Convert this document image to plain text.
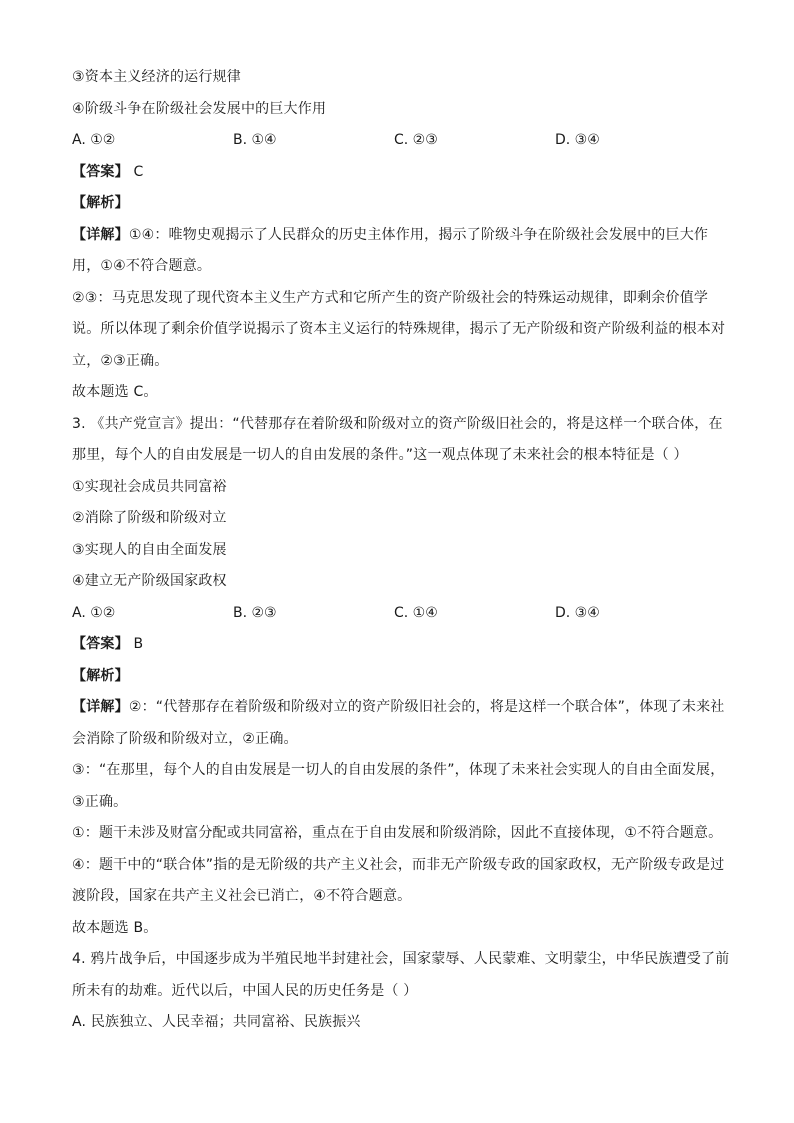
③资本主义经济的运行规律
④阶级斗争在阶级社会发展中的巨大作用
A. ①②	B. ①④	C. ②③	D. ③④
【答案】 C
【解析】
【详解】①④：唯物史观揭示了人民群众的历史主体作用，揭示了阶级斗争在阶级社会发展中的巨大作
用，①④不符合题意。
②③：马克思发现了现代资本主义生产方式和它所产生的资产阶级社会的特殊运动规律，即剩余价值学
说。所以体现了剩余价值学说揭示了资本主义运行的特殊规律，揭示了无产阶级和资产阶级利益的根本对
立，②③正确。
故本题选 C。
3. 《共产党宣言》提出：“代替那存在着阶级和阶级对立的资产阶级旧社会的，将是这样一个联合体，在
那里，每个人的自由发展是一切人的自由发展的条件。”这一观点体现了未来社会的根本特征是（ ）
①实现社会成员共同富裕
②消除了阶级和阶级对立
③实现人的自由全面发展
④建立无产阶级国家政权
A. ①②	B. ②③	C. ①④	D. ③④
【答案】 B
【解析】
【详解】②：“代替那存在着阶级和阶级对立的资产阶级旧社会的，将是这样一个联合体”，体现了未来社
会消除了阶级和阶级对立，②正确。
③：“在那里，每个人的自由发展是一切人的自由发展的条件”，体现了未来社会实现人的自由全面发展，
③正确。
①：题干未涉及财富分配或共同富裕，重点在于自由发展和阶级消除，因此不直接体现，①不符合题意。
④：题干中的“联合体”指的是无阶级的共产主义社会，而非无产阶级专政的国家政权，无产阶级专政是过
渡阶段，国家在共产主义社会已消亡，④不符合题意。
故本题选 B。
4. 鸦片战争后，中国逐步成为半殖民地半封建社会，国家蒙辱、人民蒙难、文明蒙尘，中华民族遭受了前
所未有的劫难。近代以后，中国人民的历史任务是（ ）
A. 民族独立、人民幸福；共同富裕、民族振兴
